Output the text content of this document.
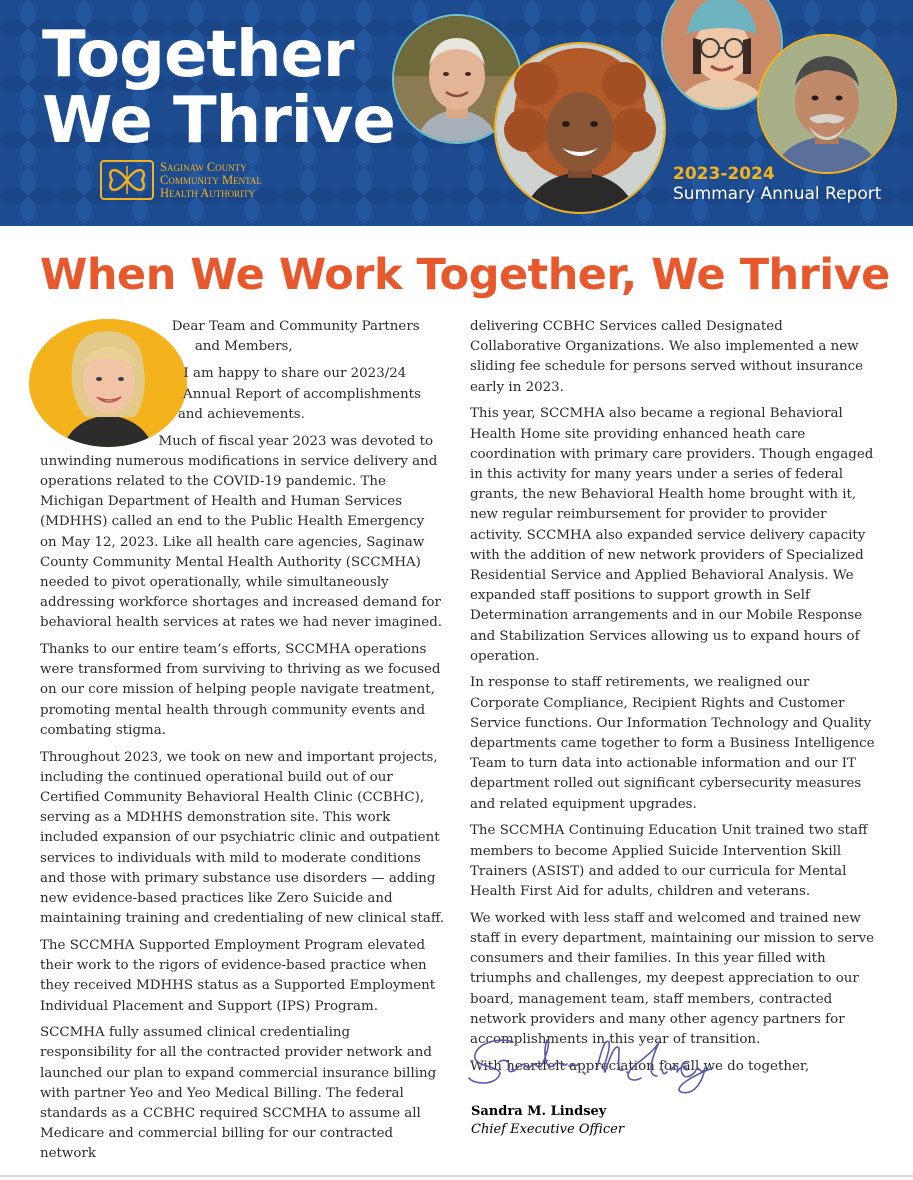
Together
We Thrive
Saginaw County
Community Mental
Health Authority
2023-2024
Summary Annual Report
When We Work Together, We Thrive

Dear Team and Community Partners
and Members,

I am happy to share our 2023/24 Annual Report of accomplishments and achievements.

Much of fiscal year 2023 was devoted to unwinding numerous modifications in service delivery and operations related to the COVID-19 pandemic. The Michigan Department of Health and Human Services (MDHHS) called an end to the Public Health Emergency on May 12, 2023. Like all health care agencies, Saginaw County Community Mental Health Authority (SCCMHA) needed to pivot operationally, while simultaneously addressing workforce shortages and increased demand for behavioral health services at rates we had never imagined.

Thanks to our entire team’s efforts, SCCMHA operations were transformed from surviving to thriving as we focused on our core mission of helping people navigate treatment, promoting mental health through community events and combating stigma.

Throughout 2023, we took on new and important projects, including the continued operational build out of our Certified Community Behavioral Health Clinic (CCBHC), serving as a MDHHS demonstration site. This work included expansion of our psychiatric clinic and outpatient services to individuals with mild to moderate conditions and those with primary substance use disorders — adding new evidence-based practices like Zero Suicide and maintaining training and credentialing of new clinical staff.

The SCCMHA Supported Employment Program elevated their work to the rigors of evidence-based practice when they received MDHHS status as a Supported Employment Individual Placement and Support (IPS) Program.

SCCMHA fully assumed clinical credentialing responsibility for all the contracted provider network and launched our plan to expand commercial insurance billing with partner Yeo and Yeo Medical Billing. The federal standards as a CCBHC required SCCMHA to assume all Medicare and commercial billing for our contracted network

delivering CCBHC Services called Designated Collaborative Organizations. We also implemented a new sliding fee schedule for persons served without insurance early in 2023.

This year, SCCMHA also became a regional Behavioral Health Home site providing enhanced heath care coordination with primary care providers. Though engaged in this activity for many years under a series of federal grants, the new Behavioral Health home brought with it, new regular reimbursement for provider to provider activity. SCCMHA also expanded service delivery capacity with the addition of new network providers of Specialized Residential Service and Applied Behavioral Analysis. We expanded staff positions to support growth in Self Determination arrangements and in our Mobile Response and Stabilization Services allowing us to expand hours of operation.

In response to staff retirements, we realigned our Corporate Compliance, Recipient Rights and Customer Service functions. Our Information Technology and Quality departments came together to form a Business Intelligence Team to turn data into actionable information and our IT department rolled out significant cybersecurity measures and related equipment upgrades.

The SCCMHA Continuing Education Unit trained two staff members to become Applied Suicide Intervention Skill Trainers (ASIST) and added to our curricula for Mental Health First Aid for adults, children and veterans.

We worked with less staff and welcomed and trained new staff in every department, maintaining our mission to serve consumers and their families. In this year filled with triumphs and challenges, my deepest appreciation to our board, management team, staff members, contracted network providers and many other agency partners for accomplishments in this year of transition.

With heartfelt appreciation for all we do together,

Sandra M. Lindsey
Chief Executive Officer
